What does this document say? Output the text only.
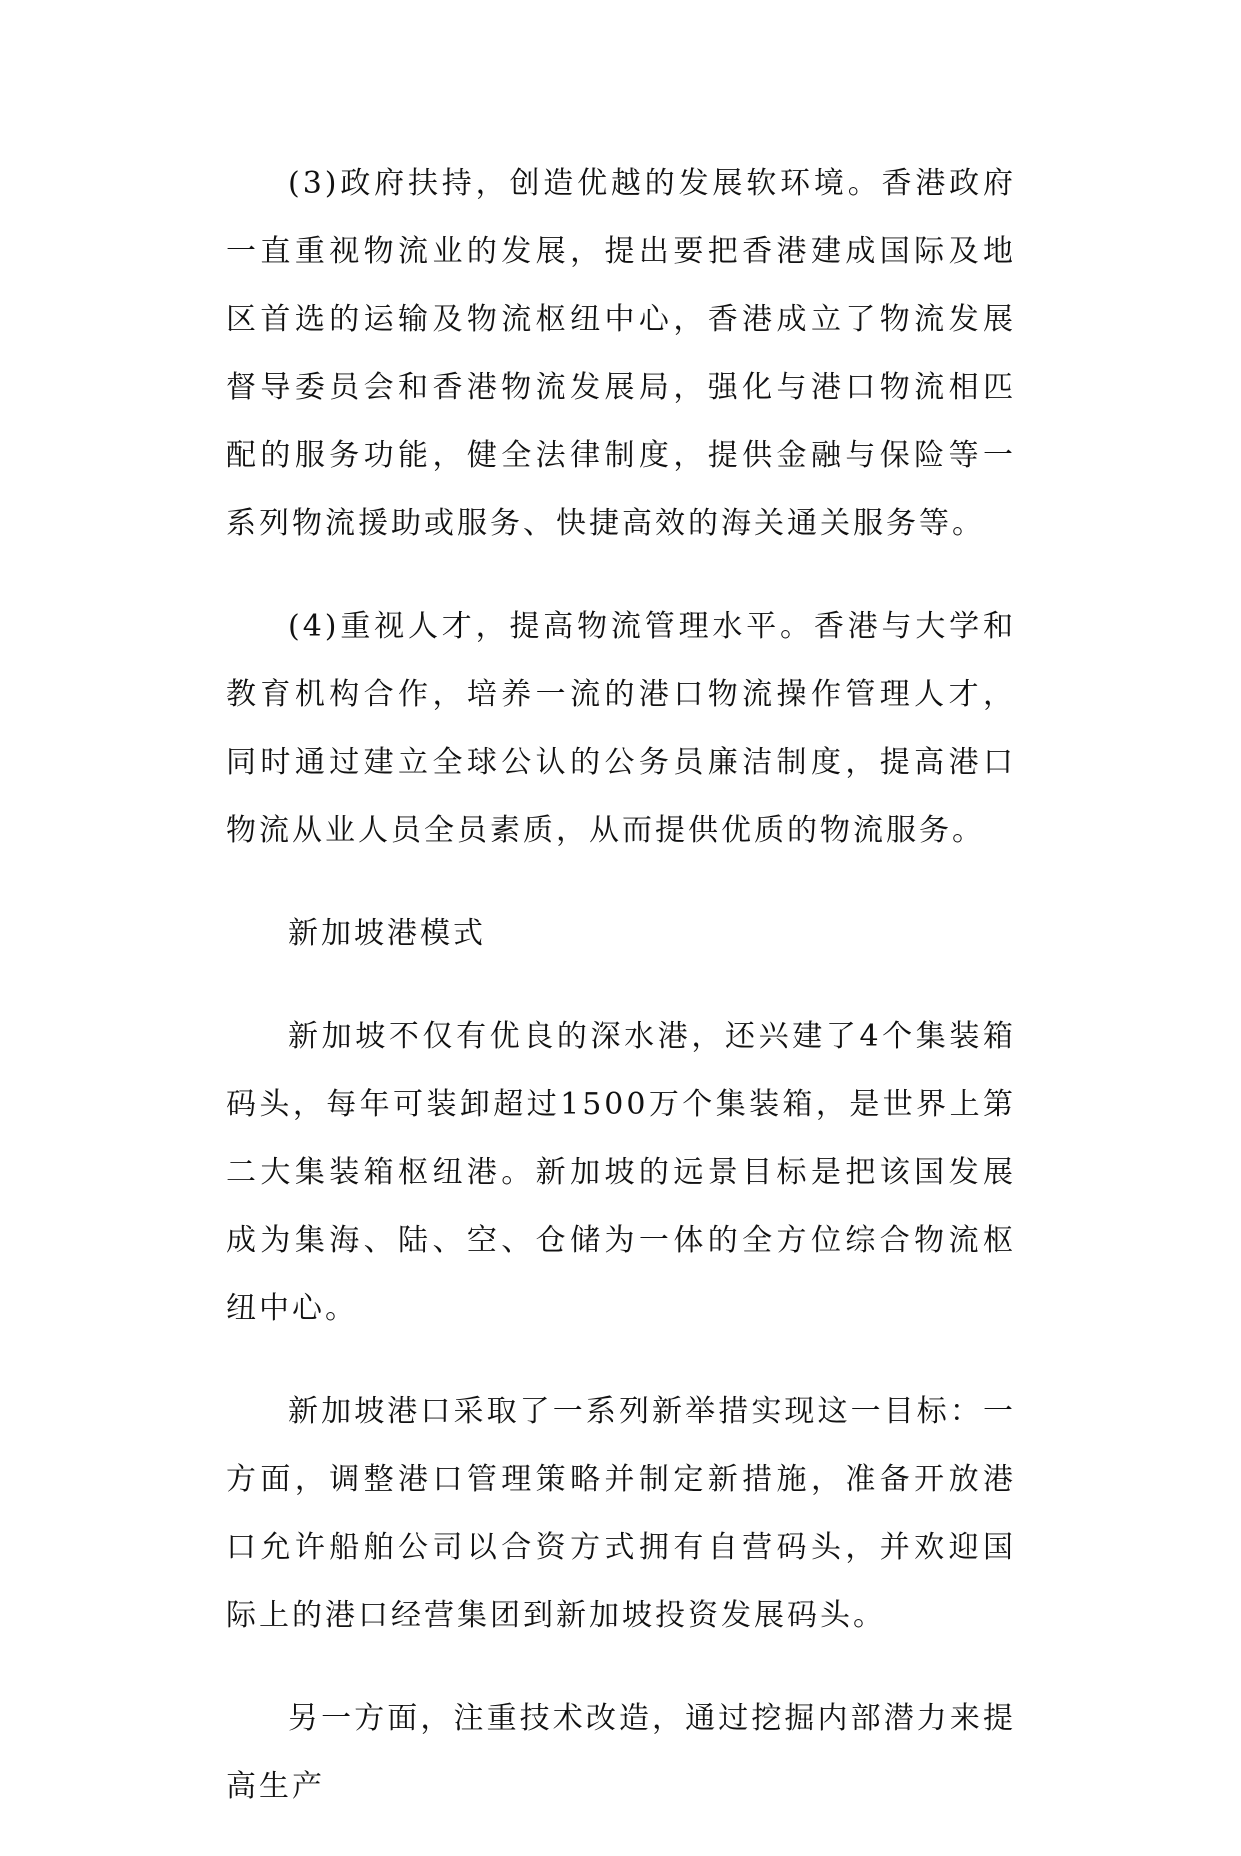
(3)政府扶持，创造优越的发展软环境。香港政府一直重视物流业的发展，提出要把香港建成国际及地区首选的运输及物流枢纽中心，香港成立了物流发展督导委员会和香港物流发展局，强化与港口物流相匹配的服务功能，健全法律制度，提供金融与保险等一系列物流援助或服务、快捷高效的海关通关服务等。

(4)重视人才，提高物流管理水平。香港与大学和教育机构合作，培养一流的港口物流操作管理人才，同时通过建立全球公认的公务员廉洁制度，提高港口物流从业人员全员素质，从而提供优质的物流服务。

新加坡港模式

新加坡不仅有优良的深水港，还兴建了4个集装箱码头，每年可装卸超过1500万个集装箱，是世界上第二大集装箱枢纽港。新加坡的远景目标是把该国发展成为集海、陆、空、仓储为一体的全方位综合物流枢纽中心。

新加坡港口采取了一系列新举措实现这一目标：一方面，调整港口管理策略并制定新措施，准备开放港口允许船舶公司以合资方式拥有自营码头，并欢迎国际上的港口经营集团到新加坡投资发展码头。

另一方面，注重技术改造，通过挖掘内部潜力来提高生产
